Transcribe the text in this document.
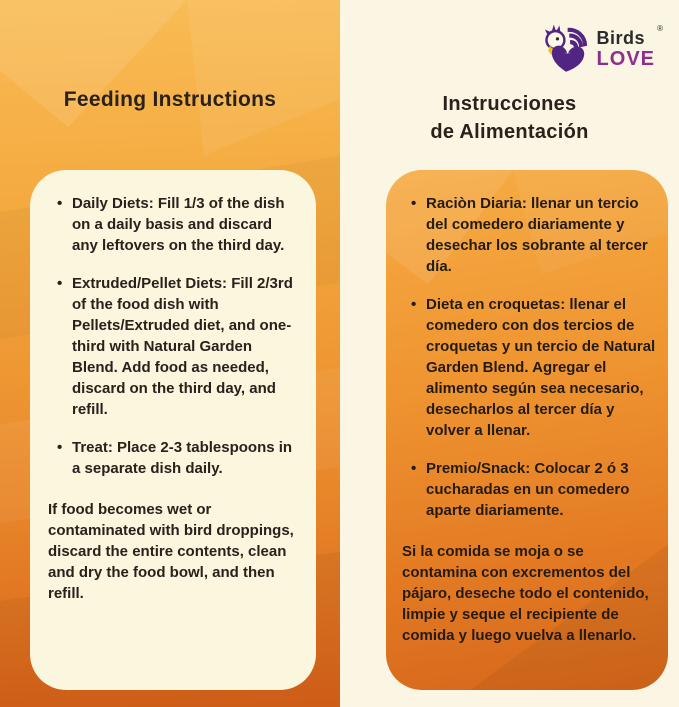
Feeding Instructions
• Daily Diets: Fill 1/3 of the dish on a daily basis and discard any leftovers on the third day.
• Extruded/Pellet Diets: Fill 2/3rd of the food dish with Pellets/Extruded diet, and one-third with Natural Garden Blend. Add food as needed, discard on the third day, and refill.
• Treat: Place 2-3 tablespoons in a separate dish daily.

If food becomes wet or contaminated with bird droppings, discard the entire contents, clean and dry the food bowl, and then refill.

®
Birds
LOVE
Instrucciones
de Alimentación
• Raciòn Diaria: llenar un tercio del comedero diariamente y desechar los sobrante al tercer día.
• Dieta en croquetas: llenar el comedero con dos tercios de croquetas y un tercio de Natural Garden Blend. Agregar el alimento según sea necesario, desecharlos al tercer día y volver a llenar.
• Premio/Snack: Colocar 2 ó 3 cucharadas en un comedero aparte diariamente.

Si la comida se moja o se contamina con excrementos del pájaro, deseche todo el contenido, limpie y seque el recipiente de comida y luego vuelva a llenarlo.
